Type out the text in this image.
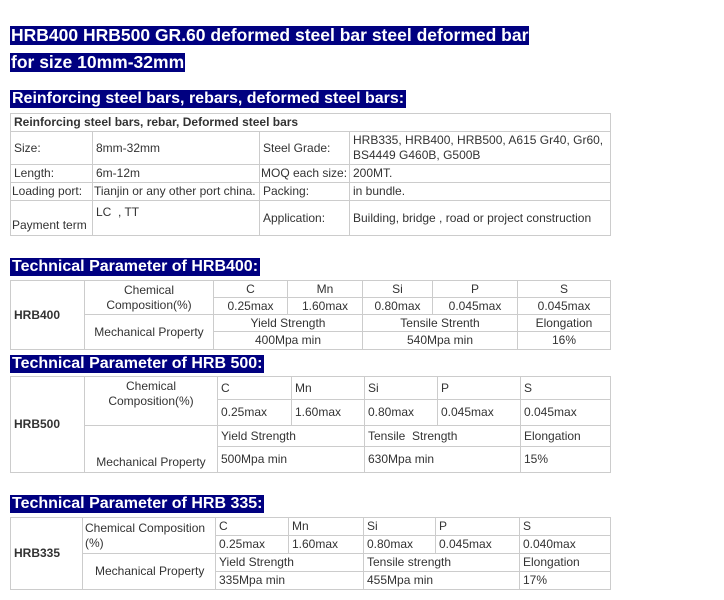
HRB400 HRB500 GR.60 deformed steel bar steel deformed bar
for size 10mm-32mm
Reinforcing steel bars, rebars, deformed steel bars:
Reinforcing steel bars, rebar, Deformed steel bars			
Size:	8mm-32mm	Steel Grade:	HRB335, HRB400, HRB500, A615 Gr40, Gr60, BS4449 G460B, G500B
Length:	6m-12m	MOQ each size:	200MT.
Loading port:	Tianjin or any other port china.	Packing:	in bundle.
Payment term	LC  , TT	Application:	Building, bridge , road or project construction
Technical Parameter of HRB400:
HRB400	Chemical Composition(%)	C	Mn	Si	P	S
		0.25max	1.60max	0.80max	0.045max	0.045max
	Mechanical Property	Yield Strength		Tensile Strenth		Elongation
		400Mpa min		540Mpa min		16%
Technical Parameter of HRB 500:
HRB500	Chemical Composition(%)	C	Mn	Si	P	S
		0.25max	1.60max	0.80max	0.045max	0.045max
	Mechanical Property	Yield Strength		Tensile  Strength		Elongation
		500Mpa min		630Mpa min		15%
Technical Parameter of HRB 335:
HRB335	Chemical Composition (%)	C	Mn	Si	P	S
		0.25max	1.60max	0.80max	0.045max	0.040max
	Mechanical Property	Yield Strength		Tensile strength		Elongation
		335Mpa min		455Mpa min		17%
